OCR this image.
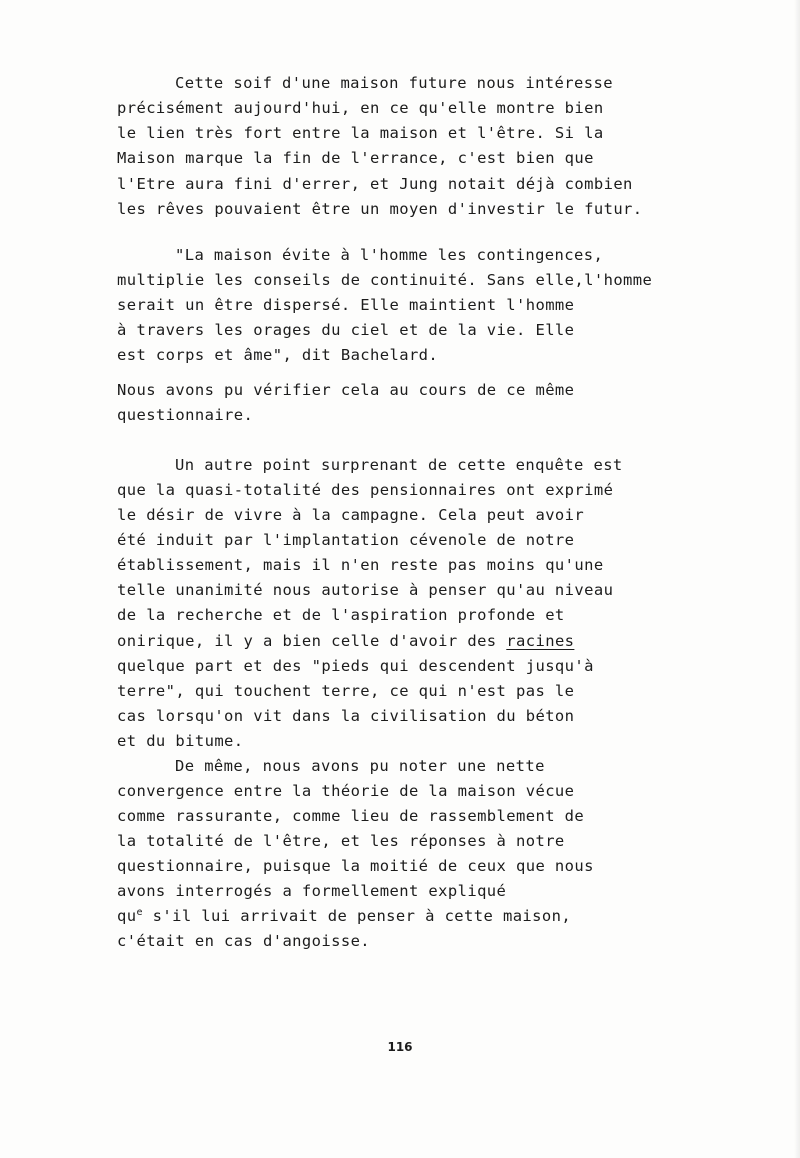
Cette soif d'une maison future nous intéresse
précisément aujourd'hui, en ce qu'elle montre bien
le lien très fort entre la maison et l'être. Si la
Maison marque la fin de l'errance, c'est bien que
l'Etre aura fini d'errer, et Jung notait déjà combien
les rêves pouvaient être un moyen d'investir le futur.
"La maison évite à l'homme les contingences,
multiplie les conseils de continuité. Sans elle,l'homme
serait un être dispersé. Elle maintient l'homme
à travers les orages du ciel et de la vie. Elle
est corps et âme", dit Bachelard.
Nous avons pu vérifier cela au cours de ce même
questionnaire.
Un autre point surprenant de cette enquête est
que la quasi-totalité des pensionnaires ont exprimé
le désir de vivre à la campagne. Cela peut avoir
été induit par l'implantation cévenole de notre
établissement, mais il n'en reste pas moins qu'une
telle unanimité nous autorise à penser qu'au niveau
de la recherche et de l'aspiration profonde et
onirique, il y a bien celle d'avoir des racines
quelque part et des "pieds qui descendent jusqu'à
terre", qui touchent terre, ce qui n'est pas le
cas lorsqu'on vit dans la civilisation du béton
et du bitume.
De même, nous avons pu noter une nette
convergence entre la théorie de la maison vécue
comme rassurante, comme lieu de rassemblement de
la totalité de l'être, et les réponses à notre
questionnaire, puisque la moitié de ceux que nous
avons interrogés a formellement expliqué
$qu^e$ s'il lui arrivait de penser à cette maison,
c'était en cas d'angoisse.
116
